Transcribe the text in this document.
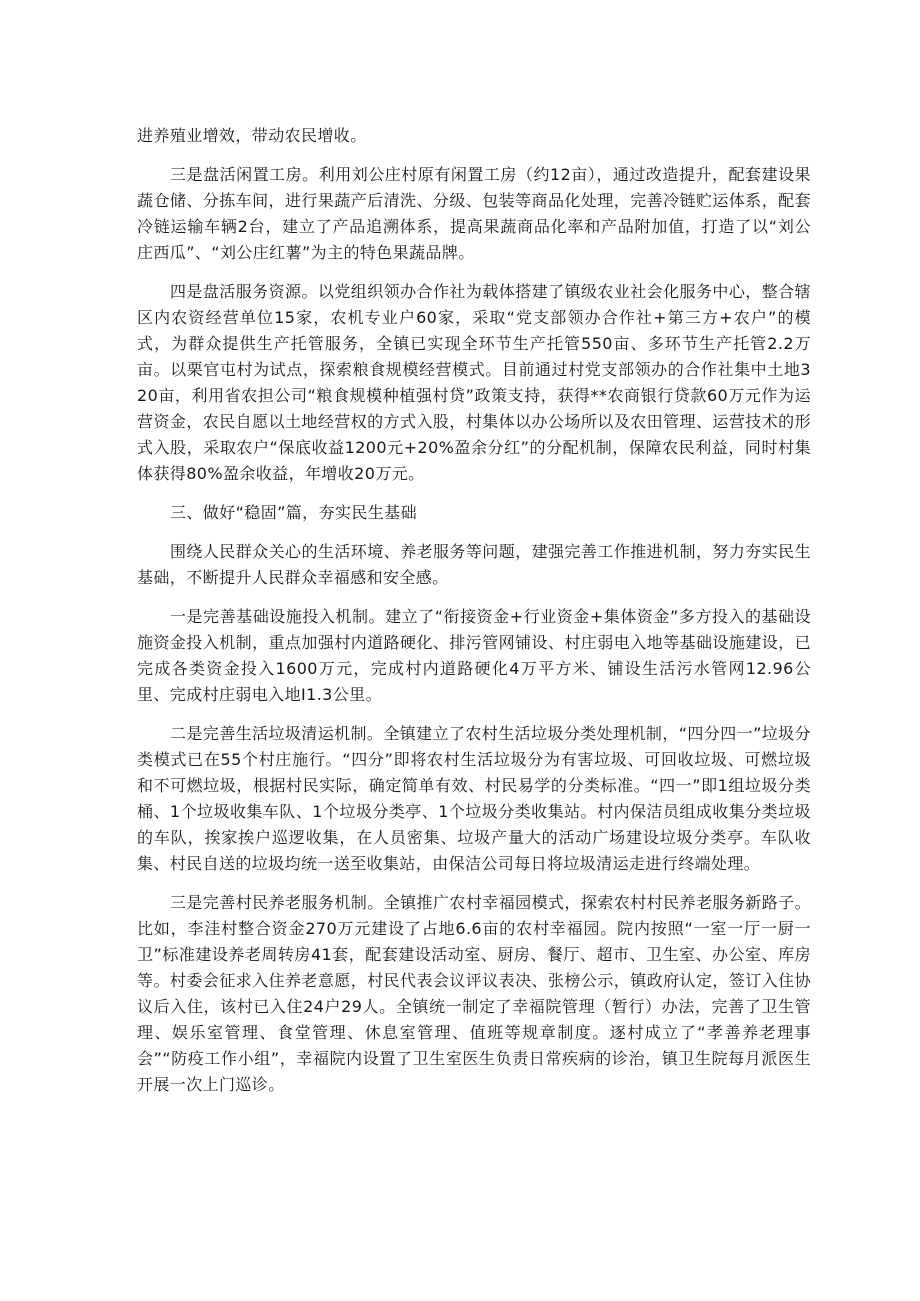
进养殖业增效，带动农民增收。

三是盘活闲置工房。利用刘公庄村原有闲置工房（约12亩），通过改造提升，配套建设果蔬仓储、分拣车间，进行果蔬产后清洗、分级、包装等商品化处理，完善冷链贮运体系，配套冷链运输车辆2台，建立了产品追溯体系，提高果蔬商品化率和产品附加值，打造了以“刘公庄西瓜”、“刘公庄红薯”为主的特色果蔬品牌。

四是盘活服务资源。以党组织领办合作社为载体搭建了镇级农业社会化服务中心，整合辖区内农资经营单位15家，农机专业户60家，采取“党支部领办合作社+第三方+农户”的模式，为群众提供生产托管服务，全镇已实现全环节生产托管550亩、多环节生产托管2.2万亩。以栗官屯村为试点，探索粮食规模经营模式。目前通过村党支部领办的合作社集中土地320亩，利用省农担公司“粮食规模种植强村贷”政策支持，获得**农商银行贷款60万元作为运营资金，农民自愿以土地经营权的方式入股，村集体以办公场所以及农田管理、运营技术的形式入股，采取农户“保底收益1200元+20%盈余分红”的分配机制，保障农民利益，同时村集体获得80%盈余收益，年增收20万元。

三、做好“稳固”篇，夯实民生基础

围绕人民群众关心的生活环境、养老服务等问题，建强完善工作推进机制，努力夯实民生基础，不断提升人民群众幸福感和安全感。

一是完善基础设施投入机制。建立了“衔接资金+行业资金+集体资金”多方投入的基础设施资金投入机制，重点加强村内道路硬化、排污管网铺设、村庄弱电入地等基础设施建设，已完成各类资金投入1600万元，完成村内道路硬化4万平方米、铺设生活污水管网12.96公里、完成村庄弱电入地I1.3公里。

二是完善生活垃圾清运机制。全镇建立了农村生活垃圾分类处理机制，“四分四一”垃圾分类模式已在55个村庄施行。“四分”即将农村生活垃圾分为有害垃圾、可回收垃圾、可燃垃圾和不可燃垃圾，根据村民实际，确定简单有效、村民易学的分类标准。“四一”即1组垃圾分类桶、1个垃圾收集车队、1个垃圾分类亭、1个垃圾分类收集站。村内保洁员组成收集分类垃圾的车队，挨家挨户巡逻收集，在人员密集、垃圾产量大的活动广场建设垃圾分类亭。车队收集、村民自送的垃圾均统一送至收集站，由保洁公司每日将垃圾清运走进行终端处理。

三是完善村民养老服务机制。全镇推广农村幸福园模式，探索农村村民养老服务新路子。比如，李洼村整合资金270万元建设了占地6.6亩的农村幸福园。院内按照“一室一厅一厨一卫”标准建设养老周转房41套，配套建设活动室、厨房、餐厅、超市、卫生室、办公室、库房等。村委会征求入住养老意愿，村民代表会议评议表决、张榜公示，镇政府认定，签订入住协议后入住，该村已入住24户29人。全镇统一制定了幸福院管理（暂行）办法，完善了卫生管理、娱乐室管理、食堂管理、休息室管理、值班等规章制度。逐村成立了“孝善养老理事会”“防疫工作小组”，幸福院内设置了卫生室医生负责日常疾病的诊治，镇卫生院每月派医生开展一次上门巡诊。
